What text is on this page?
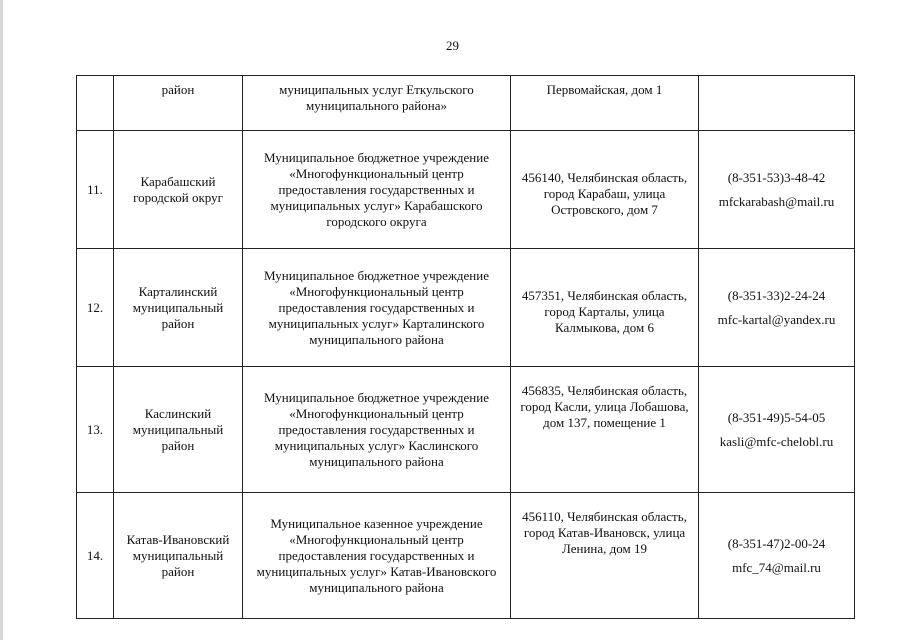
29
	район	муниципальных услуг Еткульского муниципального района»	Первомайская, дом 1	
11.	Карабашский городской округ	Муниципальное бюджетное учреждение «Многофункциональный центр предоставления государственных и муниципальных услуг» Карабашского городского округа	456140, Челябинская область, город Карабаш, улица Островского, дом 7	(8-351-53)3-48-42
mfckarabash@mail.ru

12.	Карталинский муниципальный район	Муниципальное бюджетное учреждение «Многофункциональный центр предоставления государственных и муниципальных услуг» Карталинского муниципального района	457351, Челябинская область, город Карталы, улица Калмыкова, дом 6	(8-351-33)2-24-24
mfc-kartal@yandex.ru

13.	Каслинский муниципальный район	Муниципальное бюджетное учреждение «Многофункциональный центр предоставления государственных и муниципальных услуг» Каслинского муниципального района	456835, Челябинская область, город Касли, улица Лобашова, дом 137, помещение 1	(8-351-49)5-54-05
kasli@mfc-chelobl.ru

14.	Катав-Ивановский муниципальный район	Муниципальное казенное учреждение «Многофункциональный центр предоставления государственных и муниципальных услуг» Катав-Ивановского муниципального района	456110, Челябинская область, город Катав-Ивановск, улица Ленина, дом 19	(8-351-47)2-00-24
mfc_74@mail.ru
